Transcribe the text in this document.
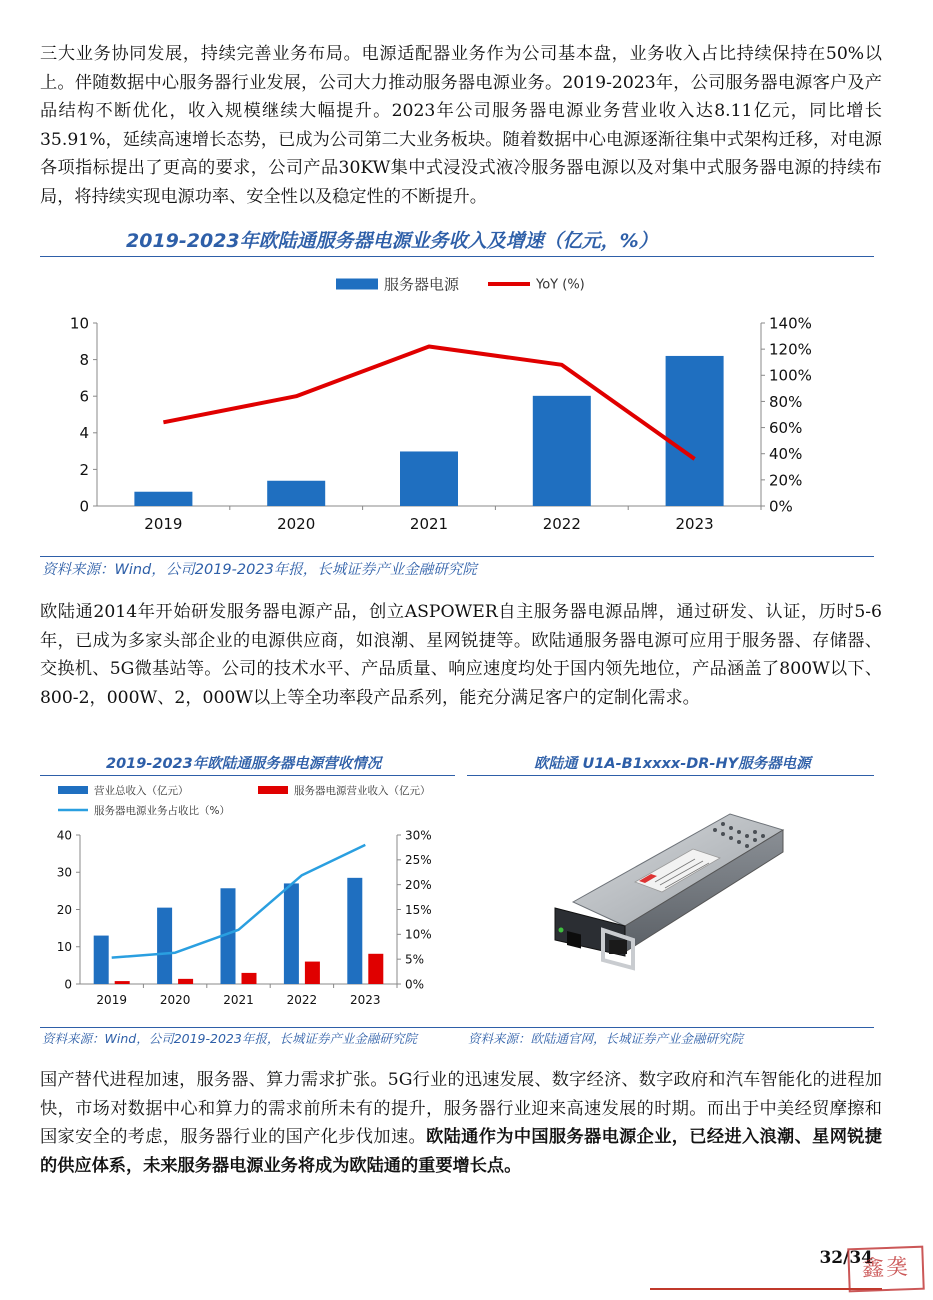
三大业务协同发展，持续完善业务布局。电源适配器业务作为公司基本盘，业务收入占比持续保持在50%以上。伴随数据中心服务器行业发展，公司大力推动服务器电源业务。2019-2023年，公司服务器电源客户及产品结构不断优化，收入规模继续大幅提升。2023年公司服务器电源业务营业收入达8.11亿元，同比增长35.91%，延续高速增长态势，已成为公司第二大业务板块。随着数据中心电源逐渐往集中式架构迁移，对电源各项指标提出了更高的要求，公司产品30KW集中式浸没式液冷服务器电源以及对集中式服务器电源的持续布局，将持续实现电源功率、安全性以及稳定性的不断提升。

2019-2023年欧陆通服务器电源业务收入及增速（亿元，%）
0
2
4
6
8
10
0%
20%
40%
60%
80%
100%
120%
140%
2019	2020	2021	2022	2023
服务器电源	YoY (%)
资料来源：Wind，公司2019-2023年报，长城证券产业金融研究院

欧陆通2014年开始研发服务器电源产品，创立ASPOWER自主服务器电源品牌，通过研发、认证，历时5-6年，已成为多家头部企业的电源供应商，如浪潮、星网锐捷等。欧陆通服务器电源可应用于服务器、存储器、交换机、5G微基站等。公司的技术水平、产品质量、响应速度均处于国内领先地位，产品涵盖了800W以下、800-2，000W、2，000W以上等全功率段产品系列，能充分满足客户的定制化需求。

2019-2023年欧陆通服务器电源营收情况
0
10
20
30
40
0%
5%
10%
15%
20%
25%
30%
2019	2020	2021	2022	2023
营业总收入（亿元）	服务器电源营业收入（亿元）
服务器电源业务占收比（%）
欧陆通 U1A-B1xxxx-DR-HY服务器电源
资料来源：Wind，公司2019-2023年报，长城证券产业金融研究院	资料来源：欧陆通官网，长城证券产业金融研究院

国产替代进程加速，服务器、算力需求扩张。5G行业的迅速发展、数字经济、数字政府和汽车智能化的进程加快，市场对数据中心和算力的需求前所未有的提升，服务器行业迎来高速发展的时期。而出于中美经贸摩擦和国家安全的考虑，服务器行业的国产化步伐加速。欧陆通作为中国服务器电源企业，已经进入浪潮、星网锐捷的供应体系，未来服务器电源业务将成为欧陆通的重要增长点。

32/34
鑫䶮
